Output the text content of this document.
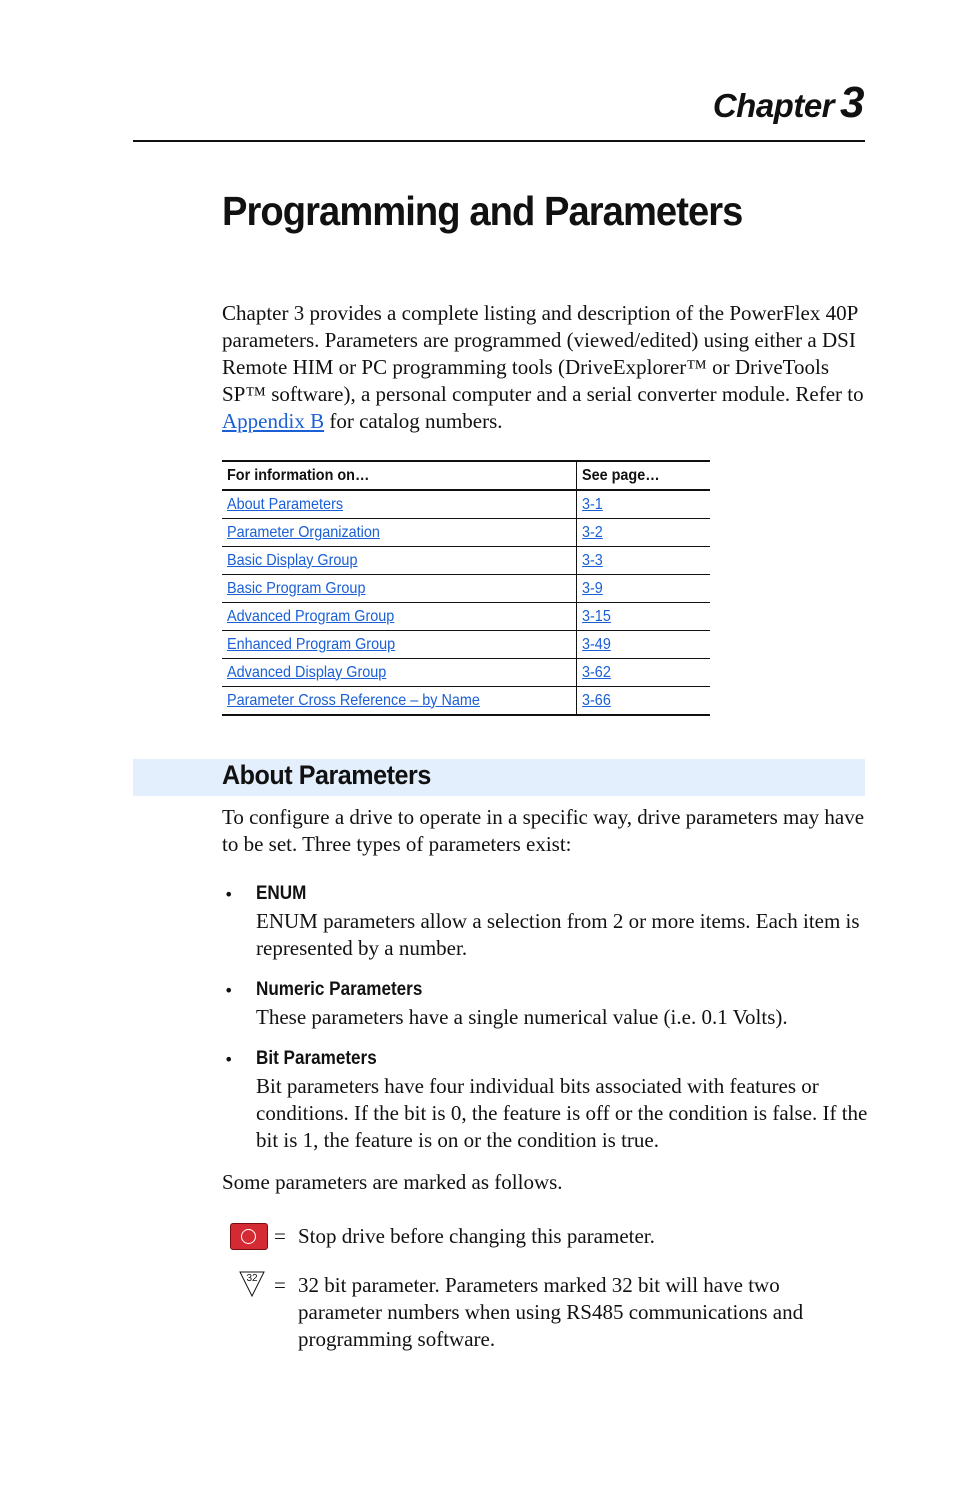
Chapter 3
Programming and Parameters

Chapter 3 provides a complete listing and description of the PowerFlex 40P parameters. Parameters are programmed (viewed/edited) using either a DSI Remote HIM or PC programming tools (DriveExplorer™ or DriveTools SP™ software), a personal computer and a serial converter module. Refer to Appendix B for catalog numbers.

For information on…	See page…
About Parameters	3-1
Parameter Organization	3-2
Basic Display Group	3-3
Basic Program Group	3-9
Advanced Program Group	3-15
Enhanced Program Group	3-49
Advanced Display Group	3-62
Parameter Cross Reference – by Name	3-66
About Parameters

To configure a drive to operate in a specific way, drive parameters may have to be set. Three types of parameters exist:

• ENUM

ENUM parameters allow a selection from 2 or more items. Each item is represented by a number.

• Numeric Parameters

These parameters have a single numerical value (i.e. 0.1 Volts).

• Bit Parameters

Bit parameters have four individual bits associated with features or conditions. If the bit is 0, the feature is off or the condition is false. If the bit is 1, the feature is on or the condition is true.

Some parameters are marked as follows.

= Stop drive before changing this parameter.

32 = 32 bit parameter. Parameters marked 32 bit will have two parameter numbers when using RS485 communications and programming software.
